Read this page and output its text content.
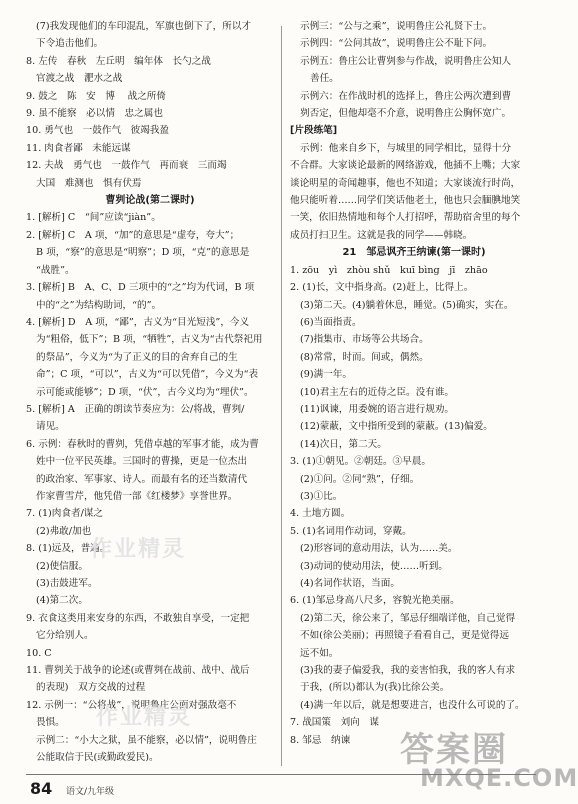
(7)我发现他们的车印混乱，军旗也倒下了，所以才
下令追击他们。
8. 左传　春秋　左丘明　编年体　长勺之战
官渡之战　淝水之战
9. 鼓之　陈　安　博　 战之所倚
9. 虽不能察　必以情　忠之属也
10. 勇气也　一鼓作气　彼竭我盈
11. 肉食者鄙　未能远谋
12. 夫战　勇气也　一鼓作气　再而衰　三而竭
大国　难测也　惧有伏焉
曹刿论战(第二课时)
1. [解析] C　“间”应读“jiàn”。
2. [解析] C　A 项，“加”的意思是“虚夸，夸大”；
B 项，“察”的意思是“明察”；D 项，“克”的意思是
“战胜”。
3. [解析] B　A、C、D 三项中的“之”均为代词，B 项
中的“之”为结构助词，“的”。
4. [解析] D　A 项，“鄙”，古义为“目光短浅”，今义
为“粗俗，低下”；B 项，“牺牲”，古义为“古代祭祀用
的祭品”，今义为“为了正义的目的舍弃自己的生
命”；C 项，“可以”，古义为“可以凭借”，今义为“表
示可能或能够”；D 项，“伏”，古今义均为“埋伏”。
5. [解析] A　正确的朗读节奏应为：公/将战，曹刿/
请见。
6. 示例：春秋时的曹刿，凭借卓越的军事才能，成为曹
姓中一位平民英雄。三国时的曹操，更是一位杰出
的政治家、军事家、诗人。而最有名的还当数清代
作家曹雪芹，他凭借一部《红楼梦》享誉世界。
7. (1)肉食者/谋之
(2)弗敢/加也
8. (1)远及，普遍。
(2)使信服。
(3)击鼓进军。
(4)第二次。
9. 衣食这类用来安身的东西，不敢独自享受，一定把
它分给别人。
10. C
11. 曹刿关于战争的论述(或曹刿在战前、战中、战后
的表现)　双方交战的过程
12. 示例一：“公将战”，说明鲁庄公面对强敌毫不
畏惧。
示例二：“小大之狱，虽不能察，必以情”，说明鲁庄
公能取信于民(或勤政爱民)。
示例三：“公与之乘”，说明鲁庄公礼贤下士。
示例四：“公问其故”，说明鲁庄公不耻下问。
示例五：鲁庄公让曹刿参与作战，说明鲁庄公知人
善任。
示例六：在作战时机的选择上，鲁庄公两次遭到曹
刿否定，但他却毫不介意，说明鲁庄公胸怀宽广。
[片段练笔]
示例：他来自乡下，与城里的同学相比，显得十分
不合群。大家谈论最新的网络游戏，他插不上嘴；大家
谈论明星的奇闻趣事，他也不知道；大家谈流行时尚，
他只能听着……同学们笑话他老土，他也只会腼腆地笑
一笑，依旧热情地和每个人打招呼，帮助宿舍里的每个
成员打扫卫生。这就是我的同学——韩晓。
21　邹忌讽齐王纳谏(第一课时)
1. zōu　yì　zhòu shǔ　kuī bìng　jī　zhāo
2. (1)长，文中指身高。(2)赶上，比得上。
(3)第二天。(4)躺着休息，睡觉。(5)确实，实在。
(6)当面指责。
(7)指集市、市场等公共场合。
(8)常常，时而。间或，偶然。
(9)满一年。
(10)君主左右的近侍之臣。没有谁。
(11)讽谏，用委婉的语言进行规劝。
(12)蒙蔽，文中指所受到的蒙蔽。(13)偏爱。
(14)次日，第二天。
3. (1)①朝见。②朝廷。③早晨。
(2)①问。②同“熟”，仔细。
(3)①比。
4. 土地方圆。
5. (1)名词用作动词，穿戴。
(2)形容词的意动用法，认为……美。
(3)动词的使动用法，使……听到。
(4)名词作状语，当面。
6. (1)邹忌身高八尺多，容貌光艳美丽。
(2)第二天，徐公来了，邹忌仔细端详他，自己觉得
不如(徐公美丽)；再照镜子看看自己，更是觉得远
远不如。
(3)我的妻子偏爱我，我的妾害怕我，我的客人有求
于我，(所以)都认为(我)比徐公美。
(4)满一年以后，就是想要进言，也没什么可说的了。
7. 战国策　刘向　谋
8. 邹忌　纳谏
作业精灵
作业精灵
答案圈
MXQE.COM
84 语文/九年级
